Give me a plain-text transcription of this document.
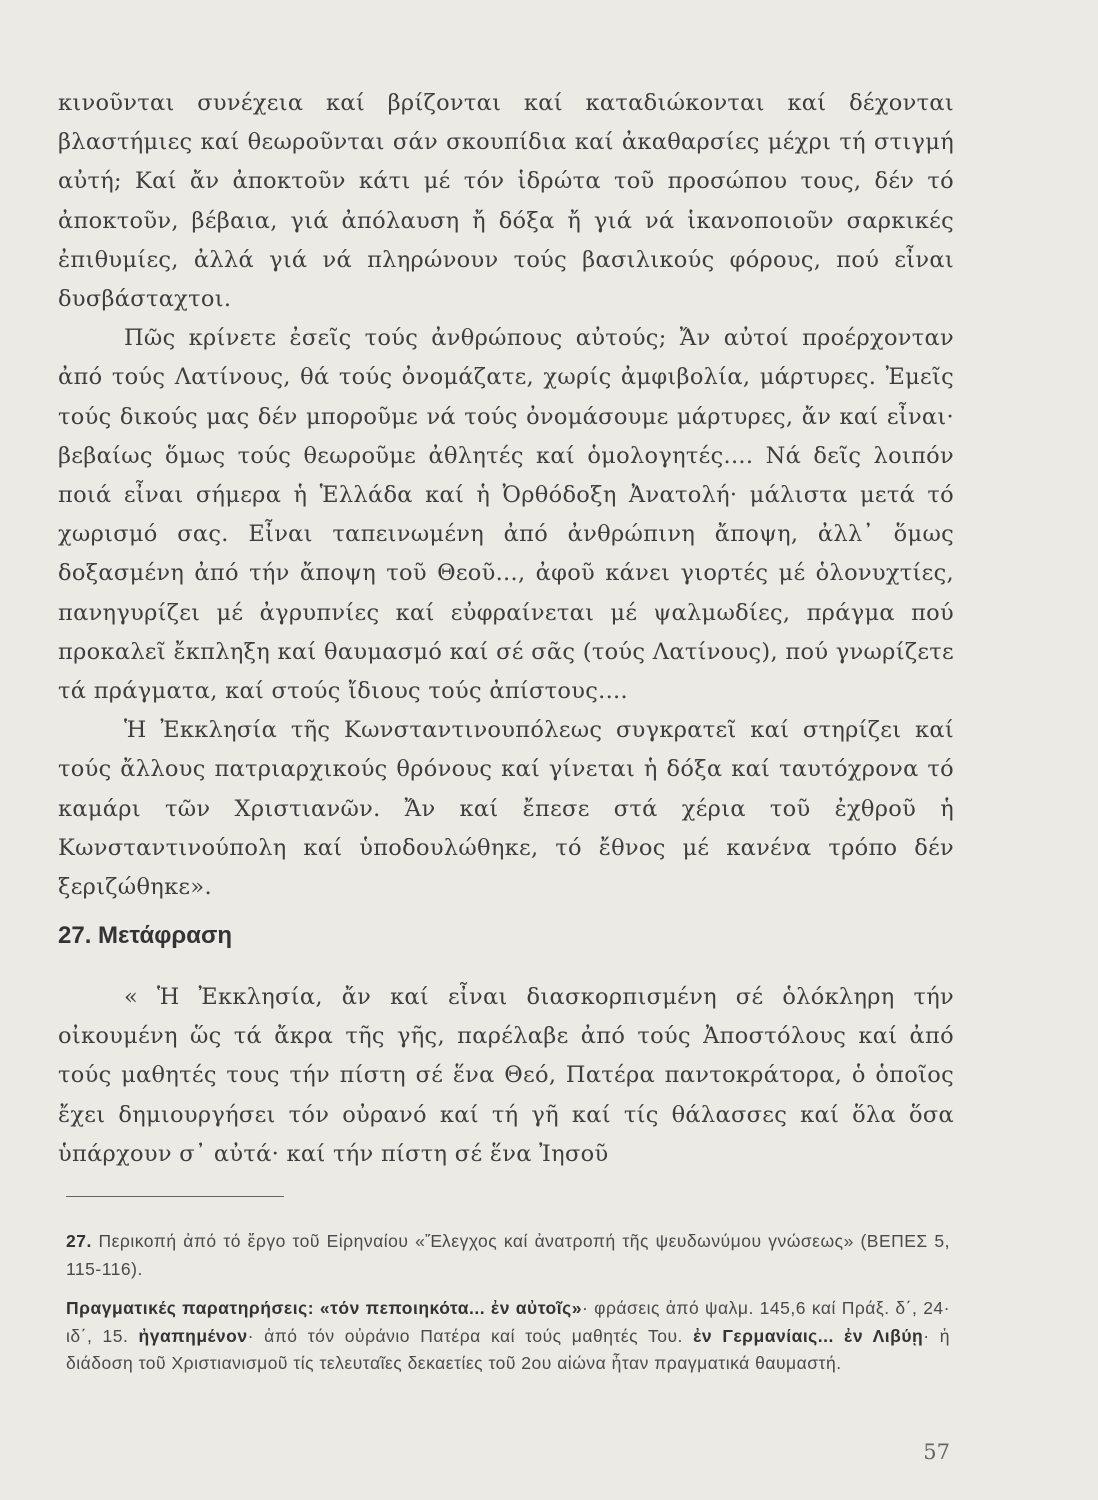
κινοῦνται συνέχεια καί βρίζονται καί καταδιώκονται καί δέχονται βλαστήμιες καί θεωροῦνται σάν σκουπίδια καί ἀκαθαρσίες μέχρι τή στιγμή αὐτή; Καί ἄν ἀποκτοῦν κάτι μέ τόν ἱδρώτα τοῦ προσώπου τους, δέν τό ἀποκτοῦν, βέβαια, γιά ἀπόλαυση ἤ δόξα ἤ γιά νά ἱκανοποιοῦν σαρκικές ἐπιθυμίες, ἀλλά γιά νά πληρώνουν τούς βασιλικούς φόρους, πού εἶναι δυσβάσταχτοι.

Πῶς κρίνετε ἐσεῖς τούς ἀνθρώπους αὐτούς; Ἄν αὐτοί προέρχονταν ἀπό τούς Λατίνους, θά τούς ὀνομάζατε, χωρίς ἀμφιβολία, μάρτυρες. Ἐμεῖς τούς δικούς μας δέν μποροῦμε νά τούς ὀνομάσουμε μάρτυρες, ἄν καί εἶναι· βεβαίως ὅμως τούς θεωροῦμε ἀθλητές καί ὁμολογητές.... Νά δεῖς λοιπόν ποιά εἶναι σήμερα ἡ Ἑλλάδα καί ἡ Ὀρθόδοξη Ἀνατολή· μάλιστα μετά τό χωρισμό σας. Εἶναι ταπεινωμένη ἀπό ἀνθρώπινη ἄποψη, ἀλλ᾽ ὅμως δοξασμένη ἀπό τήν ἄποψη τοῦ Θεοῦ..., ἀφοῦ κάνει γιορτές μέ ὁλονυχτίες, πανηγυρίζει μέ ἀγρυπνίες καί εὐφραίνεται μέ ψαλμωδίες, πράγμα πού προκαλεῖ ἔκπληξη καί θαυμασμό καί σέ σᾶς (τούς Λατίνους), πού γνωρίζετε τά πράγματα, καί στούς ἴδιους τούς ἀπίστους....

Ἡ Ἐκκλησία τῆς Κωνσταντινουπόλεως συγκρατεῖ καί στηρίζει καί τούς ἄλλους πατριαρχικούς θρόνους καί γίνεται ἡ δόξα καί ταυτόχρονα τό καμάρι τῶν Χριστιανῶν. Ἄν καί ἔπεσε στά χέρια τοῦ ἐχθροῦ ἡ Κωνσταντινούπολη καί ὑποδουλώθηκε, τό ἔθνος μέ κανένα τρόπο δέν ξεριζώθηκε».

27. Μετάφραση

« Ἡ Ἐκκλησία, ἄν καί εἶναι διασκορπισμένη σέ ὁλόκληρη τήν οἰκουμένη ὥς τά ἄκρα τῆς γῆς, παρέλαβε ἀπό τούς Ἀποστόλους καί ἀπό τούς μαθητές τους τήν πίστη σέ ἕνα Θεό, Πατέρα παντοκράτορα, ὁ ὁποῖος ἔχει δημιουργήσει τόν οὐρανό καί τή γῆ καί τίς θάλασσες καί ὅλα ὅσα ὑπάρχουν σ᾽ αὐτά· καί τήν πίστη σέ ἕνα Ἰησοῦ

27. Περικοπή ἀπό τό ἔργο τοῦ Εἰρηναίου «Ἔλεγχος καί ἀνατροπή τῆς ψευδωνύμου γνώσεως» (ΒΕΠΕΣ 5, 115-116).

Πραγματικές παρατηρήσεις: «τόν πεποιηκότα... ἐν αὐτοῖς»· φράσεις ἀπό ψαλμ. 145,6 καί Πράξ. δ΄, 24· ιδ΄, 15. ἠγαπημένον· ἀπό τόν οὐράνιο Πατέρα καί τούς μαθητές Του. ἐν Γερμανίαις... ἐν Λιβύῃ· ἡ διάδοση τοῦ Χριστιανισμοῦ τίς τελευταῖες δεκαετίες τοῦ 2ου αἰώνα ἦταν πραγματικά θαυμαστή.

57
